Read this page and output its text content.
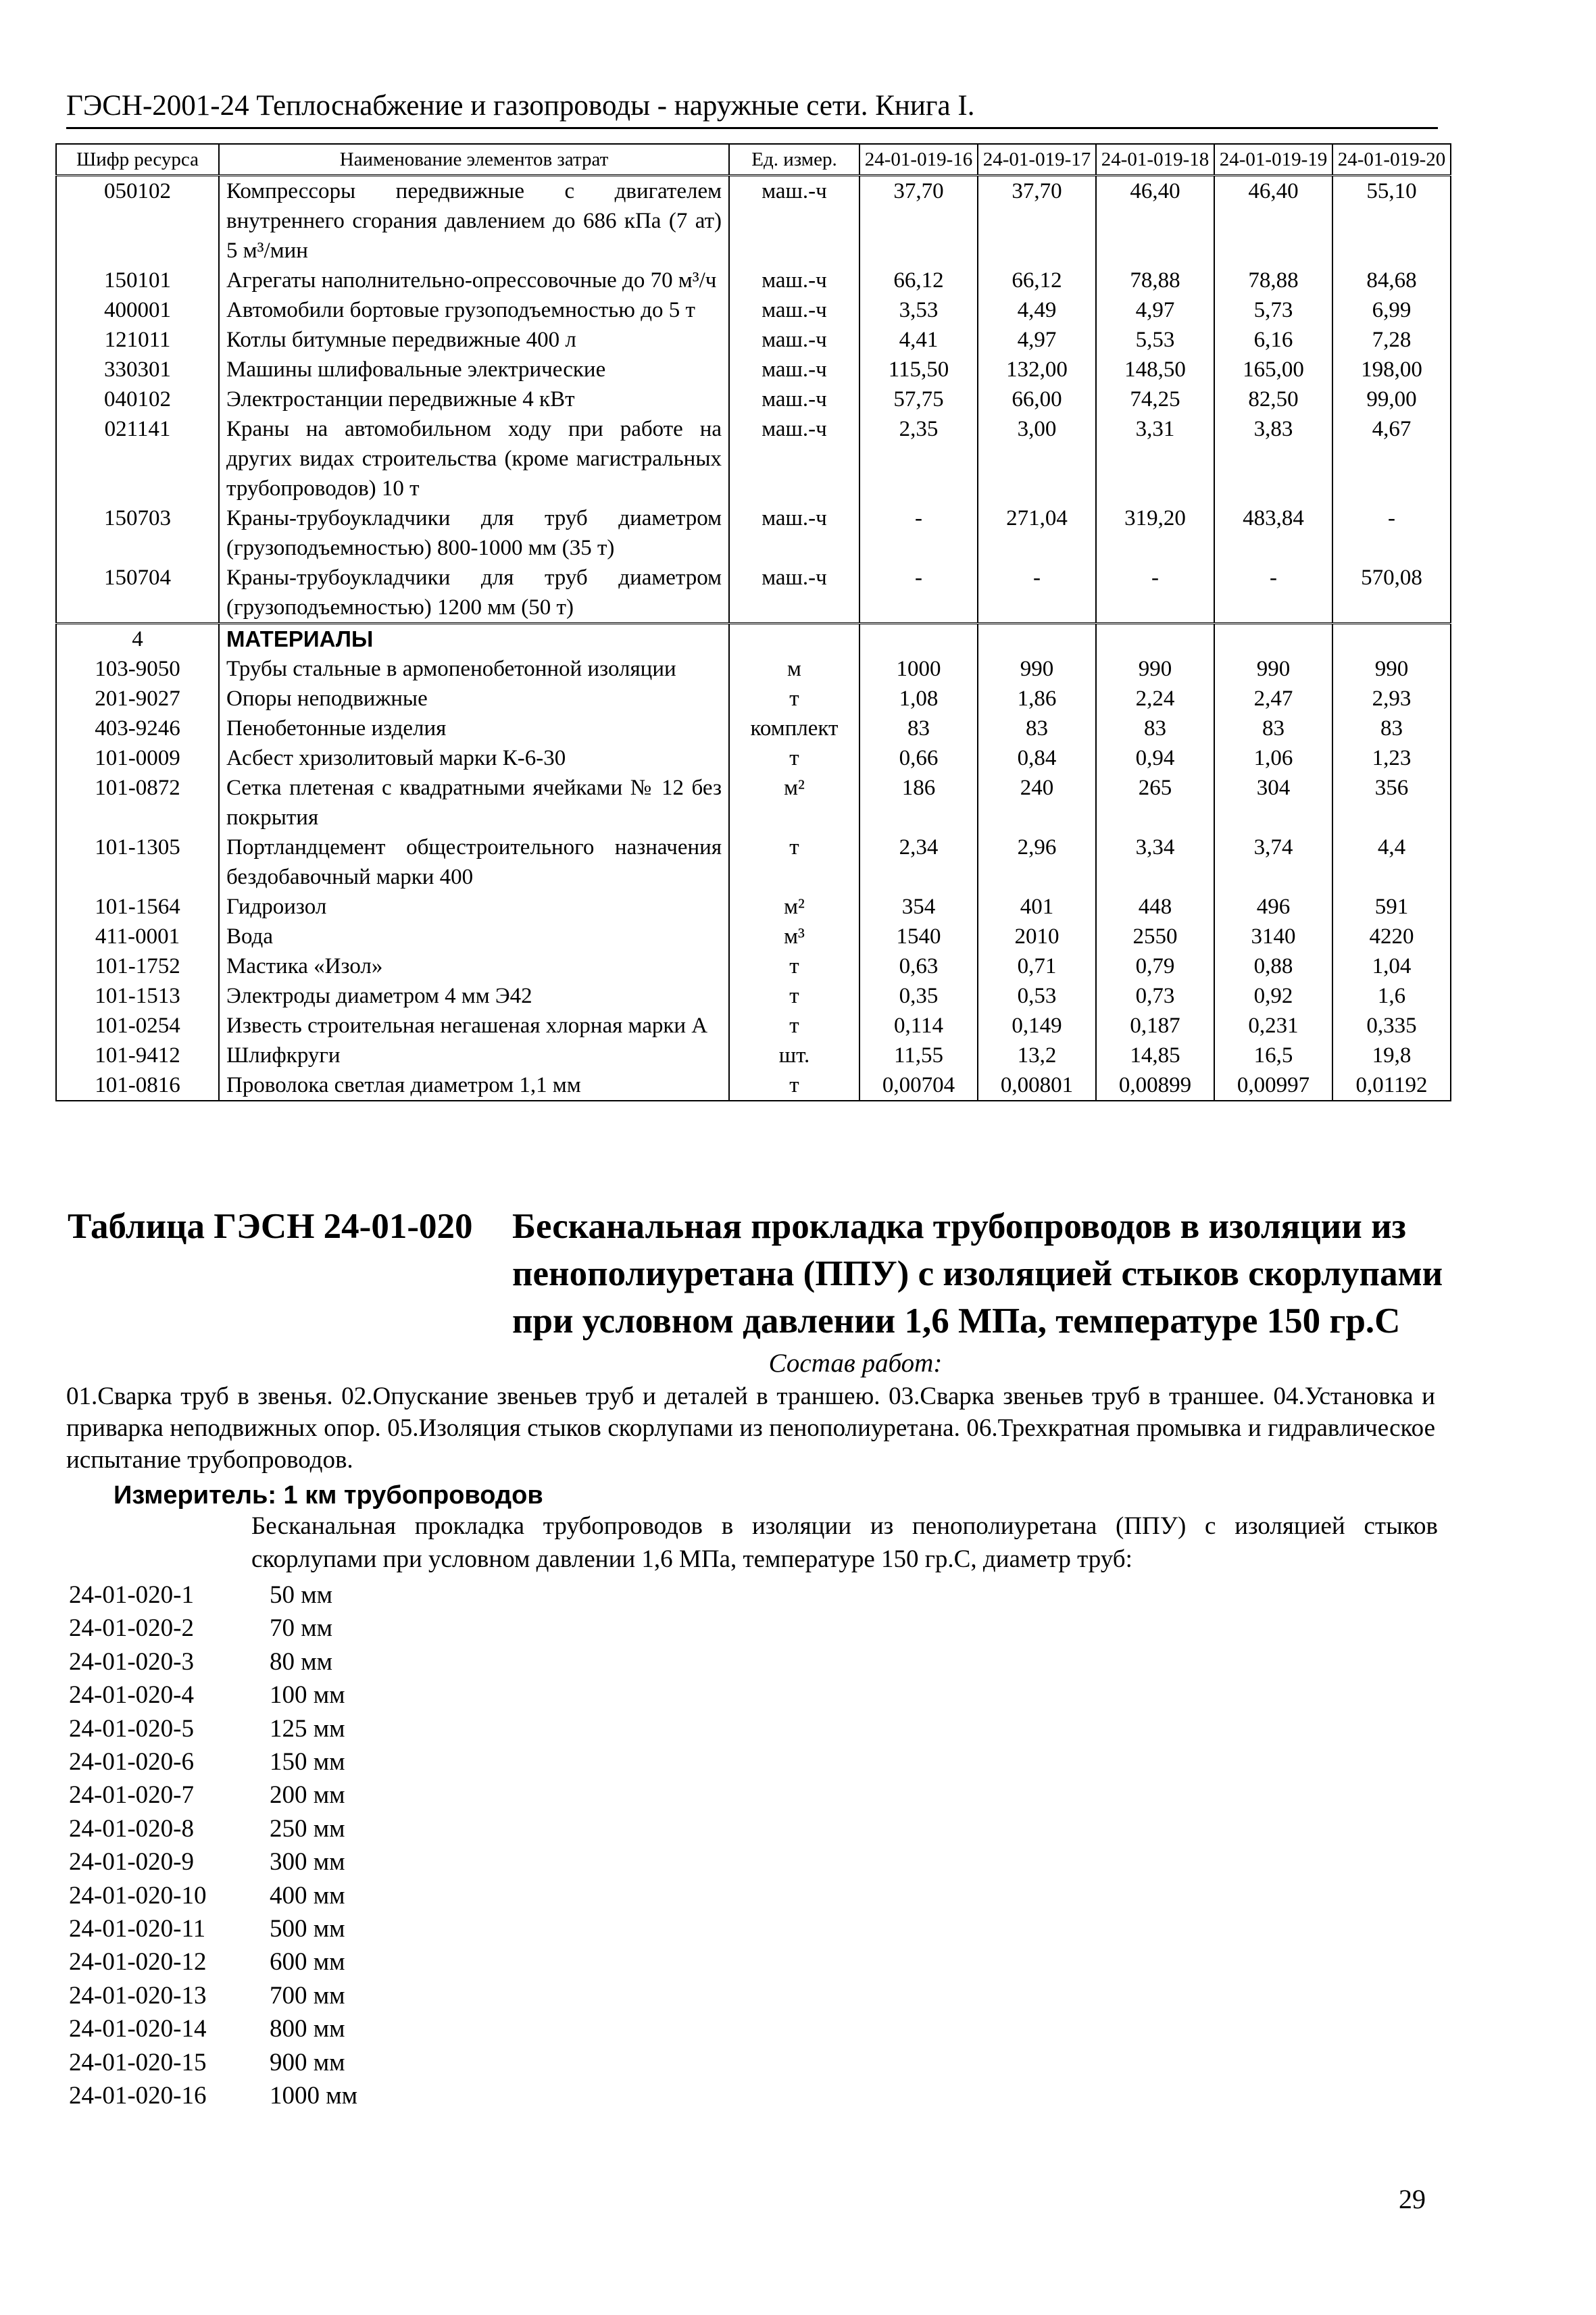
ГЭСН-2001-24 Теплоснабжение и газопроводы - наружные сети. Книга I.
Шифр ресурса	Наименование элементов затрат	Ед. измер.	24-01-019-16	24-01-019-17	24-01-019-18	24-01-019-19	24-01-019-20
050102	Компрессоры передвижные с двигателем внутреннего сгорания давлением до 686 кПа (7 ат) 5 м³/мин	маш.-ч	37,70	37,70	46,40	46,40	55,10
150101	Агрегаты наполнительно-опрессовочные до 70 м³/ч	маш.-ч	66,12	66,12	78,88	78,88	84,68
400001	Автомобили бортовые грузоподъемностью до 5 т	маш.-ч	3,53	4,49	4,97	5,73	6,99
121011	Котлы битумные передвижные 400 л	маш.-ч	4,41	4,97	5,53	6,16	7,28
330301	Машины шлифовальные электрические	маш.-ч	115,50	132,00	148,50	165,00	198,00
040102	Электростанции передвижные 4 кВт	маш.-ч	57,75	66,00	74,25	82,50	99,00
021141	Краны на автомобильном ходу при работе на других видах строительства (кроме магистральных трубопроводов) 10 т	маш.-ч	2,35	3,00	3,31	3,83	4,67
150703	Краны-трубоукладчики для труб диаметром (грузоподъемностью) 800-1000 мм (35 т)	маш.-ч	-	271,04	319,20	483,84	-
150704	Краны-трубоукладчики для труб диаметром (грузоподъемностью) 1200 мм (50 т)	маш.-ч	-	-	-	-	570,08
4	МАТЕРИАЛЫ						
103-9050	Трубы стальные в армопенобетонной изоляции	м	1000	990	990	990	990
201-9027	Опоры неподвижные	т	1,08	1,86	2,24	2,47	2,93
403-9246	Пенобетонные изделия	комплект	83	83	83	83	83
101-0009	Асбест хризолитовый марки К-6-30	т	0,66	0,84	0,94	1,06	1,23
101-0872	Сетка плетеная с квадратными ячейками № 12 без покрытия	м²	186	240	265	304	356
101-1305	Портландцемент общестроительного назначения бездобавочный марки 400	т	2,34	2,96	3,34	3,74	4,4
101-1564	Гидроизол	м²	354	401	448	496	591
411-0001	Вода	м³	1540	2010	2550	3140	4220
101-1752	Мастика «Изол»	т	0,63	0,71	0,79	0,88	1,04
101-1513	Электроды диаметром 4 мм Э42	т	0,35	0,53	0,73	0,92	1,6
101-0254	Известь строительная негашеная хлорная марки А	т	0,114	0,149	0,187	0,231	0,335
101-9412	Шлифкруги	шт.	11,55	13,2	14,85	16,5	19,8
101-0816	Проволока светлая диаметром 1,1 мм	т	0,00704	0,00801	0,00899	0,00997	0,01192
Таблица ГЭСН 24-01-020 Бесканальная прокладка трубопроводов в изоляции из пенополиуретана (ППУ) с изоляцией стыков скорлупами при условном давлении 1,6 МПа, температуре 150 гр.С
Состав работ:
01.Сварка труб в звенья. 02.Опускание звеньев труб и деталей в траншею. 03.Сварка звеньев труб в траншее. 04.Установка и приварка неподвижных опор. 05.Изоляция стыков скорлупами из пенополиуретана. 06.Трехкратная промывка и гидравлическое испытание трубопроводов.
Измеритель: 1 км трубопроводов
Бесканальная прокладка трубопроводов в изоляции из пенополиуретана (ППУ) с изоляцией стыков скорлупами при условном давлении 1,6 МПа, температуре 150 гр.С, диаметр труб:
24-01-020-1	50 мм
24-01-020-2	70 мм
24-01-020-3	80 мм
24-01-020-4	100 мм
24-01-020-5	125 мм
24-01-020-6	150 мм
24-01-020-7	200 мм
24-01-020-8	250 мм
24-01-020-9	300 мм
24-01-020-10	400 мм
24-01-020-11	500 мм
24-01-020-12	600 мм
24-01-020-13	700 мм
24-01-020-14	800 мм
24-01-020-15	900 мм
24-01-020-16	1000 мм
29
